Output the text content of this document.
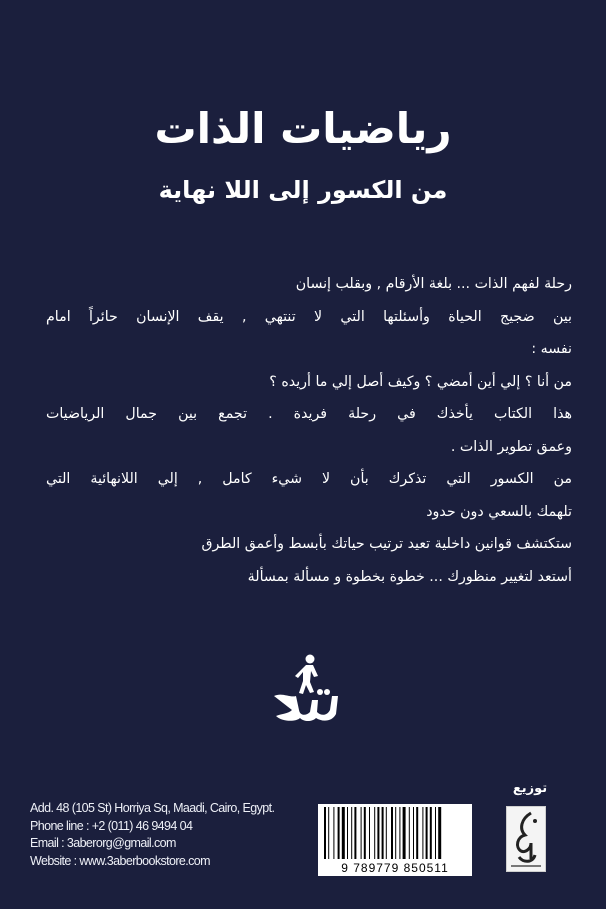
رياضيات الذات
من الكسور إلى اللا نهاية
رحلة لفهم الذات ... بلغة الأرقام , وبقلب إنسان
بين ضجيج الحياة وأسئلتها التي لا تنتهي , يقف الإنسان حائراً امام
نفسه :
من أنا ؟ إلي أين أمضي ؟ وكيف أصل إلي ما أريده ؟
هذا الكتاب يأخذك في رحلة فريدة . تجمع بين جمال الرياضيات
وعمق تطوير الذات .
من الكسور التي تذكرك بأن لا شيء كامل , إلي اللانهائية التي
تلهمك بالسعي دون حدود
ستكتشف قوانين داخلية تعيد ترتيب حياتك بأبسط وأعمق الطرق
أستعد لتغيير منظورك ... خطوة بخطوة و مسألة بمسألة
Add. 48 (105 St) Horriya Sq, Maadi, Cairo, Egypt.
Phone line : +2 (011) 46 9494 04
Email : 3aberorg@gmail.com
Website : www.3aberbookstore.com
9 789779 850511
توزيع
